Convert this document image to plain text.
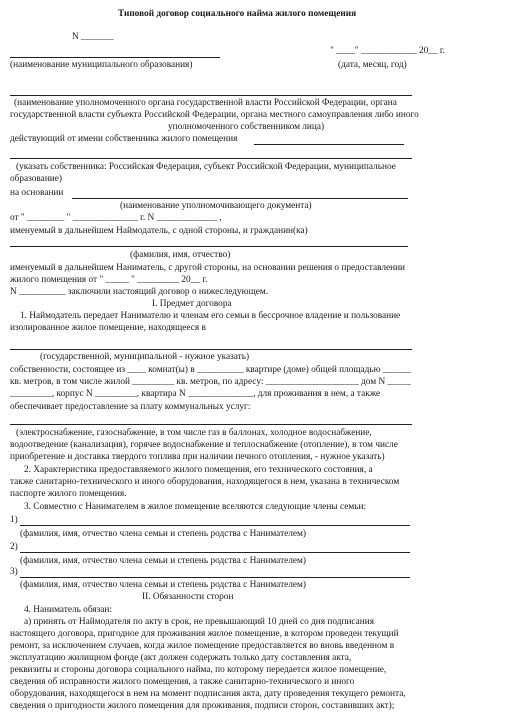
Типовой договор социального найма жилого помещения
N _______
" ____" ____________ 20__ г.
(наименование муниципального образования)	(дата, месяц, год)
(наименование уполномоченного органа государственной власти Российской Федерации, органа
государственной власти субъекта Российской Федерации, органа местного самоуправления либо иного
уполномоченного собственником лица)
действующий от имени собственника жилого помещения
(указать собственника: Российская Федерация, субъект Российской Федерации, муниципальное
образование)
на основании
(наименование уполномочивающего документа)
от " ________ " ______________ г. N _____________ ,
именуемый в дальнейшем Наймодатель, с одной стороны, и гражданин(ка)
(фамилия, имя, отчество)
именуемый в дальнейшем Наниматель, с другой стороны, на основании решения о предоставлении
жилого помещения от " _____ " _________ 20__ г.
N __________ заключили настоящий договор о нижеследующем.
I. Предмет договора
1. Наймодатель передает Нанимателю и членам его семьи в бессрочное владение и пользование
изолированное жилое помещение, находящееся в
(государственной, муниципальной - нужное указать)
собственности, состоящее из ____ комнат(ы) в __________ квартире (доме) общей площадью ______
кв. метров, в том числе жилой _________ кв. метров, по адресу: ____________________ дом N _____
_________, корпус N _________, квартира N ______________, для проживания в нем, а также
обеспечивает предоставление за плату коммунальных услуг:
(электроснабжение, газоснабжение, в том числе газ в баллонах, холодное водоснабжение,
водоотведение (канализация), горячее водоснабжение и теплоснабжение (отопление), в том числе
приобретение и доставка твердого топлива при наличии печного отопления, - нужное указать)
2. Характеристика предоставляемого жилого помещения, его технического состояния, а
также санитарно-технического и иного оборудования, находящегося в нем, указана в техническом
паспорте жилого помещения.
3. Совместно с Нанимателем в жилое помещение вселяются следующие члены семьи:
1)
(фамилия, имя, отчество члена семьи и степень родства с Нанимателем)
2)
(фамилия, имя, отчество члена семьи и степень родства с Нанимателем)
3)
(фамилия, имя, отчество члена семьи и степень родства с Нанимателем)
II. Обязанности сторон
4. Наниматель обязан:
а) принять от Наймодателя по акту в срок, не превышающий 10 дней со дня подписания
настоящего договора, пригодное для проживания жилое помещение, в котором проведен текущий
ремонт, за исключением случаев, когда жилое помещение предоставляется во вновь введенном в
эксплуатацию жилищном фонде (акт должен содержать только дату составления акта,
реквизиты и стороны договора социального найма, по которому передается жилое помещение,
сведения об исправности жилого помещения, а также санитарно-технического и иного
оборудования, находящегося в нем на момент подписания акта, дату проведения текущего ремонта,
сведения о пригодности жилого помещения для проживания, подписи сторон, составивших акт);
